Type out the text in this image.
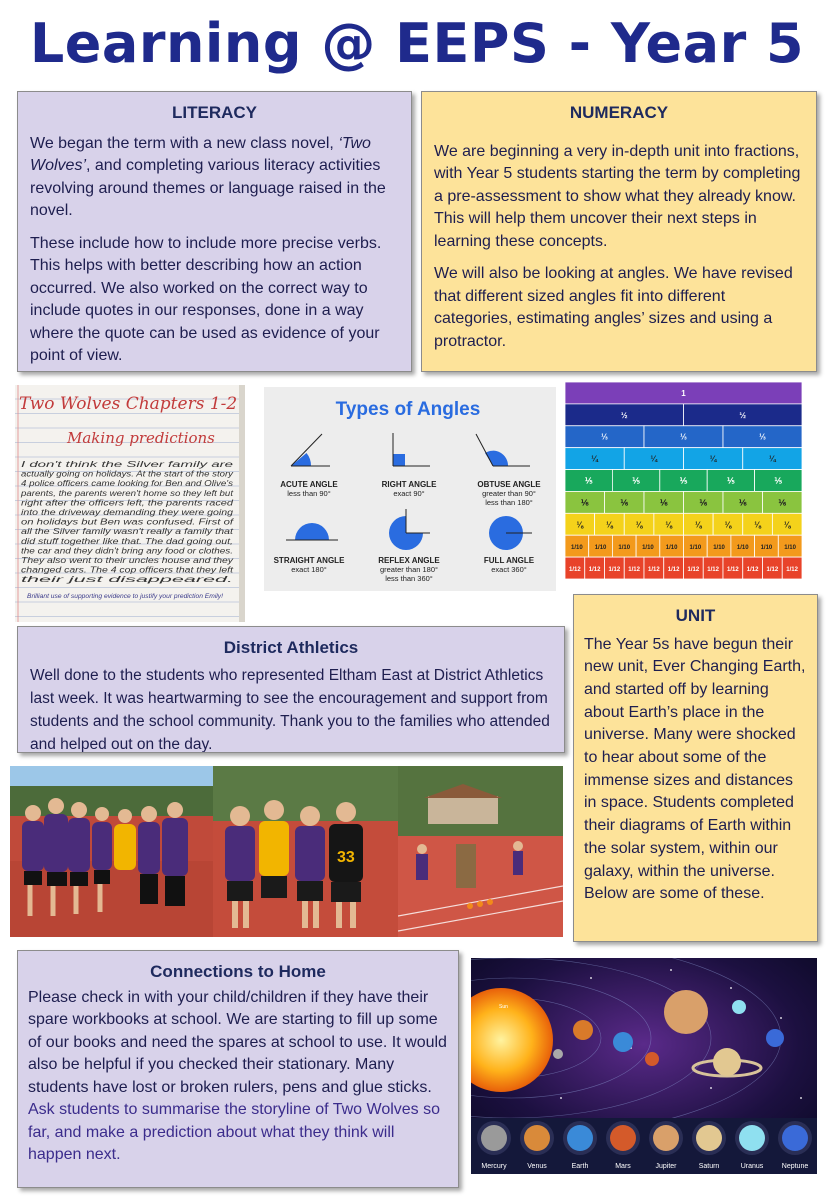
Learning @ EEPS - Year 5
LITERACY

We began the term with a new class novel, ‘Two Wolves’, and completing various literacy activities revolving around themes or language raised in the novel.

These include how to include more precise verbs. This helps with better describing how an action occurred. We also worked on the correct way to include quotes in our responses, done in a way where the quote can be used as evidence of your point of view.

NUMERACY

We are beginning a very in-depth unit into fractions, with Year 5 students starting the term by completing a pre-assessment to show what they already know. This will help them uncover their next steps in learning these concepts.

We will also be looking at angles. We have revised that different sized angles fit into different categories, estimating angles’ sizes and using a protractor.

Two Wolves Chapters 1-2
Making predictions
I don't think the Silver family are
actually going on holidays. At the start of the story
4 police officers came looking for Ben and Olive's
parents, the parents weren't home so they left but
right after the officers left, the parents raced
into the driveway demanding they were going
on holidays but Ben was confused. First of
all the Silver family wasn't really a family that
did stuff together like that. The dad going out,
the car and they didn't bring any food or clothes.
They also went to their uncles house and they
changed cars. The 4 cop officers that they left
their just disappeared.
Brilliant use of supporting evidence to justify your prediction Emily!
Types of Angles
ACUTE ANGLE
less than 90°
RIGHT ANGLE
exact 90°
OBTUSE ANGLE
greater than 90°
less than 180°
STRAIGHT ANGLE
exact 180°
REFLEX ANGLE
greater than 180°
less than 360°
FULL ANGLE
exact 360°
1
½	½
⅓	⅓	⅓
¼	¼	¼	¼
⅕	⅕	⅕	⅕	⅕
⅙	⅙	⅙	⅙	⅙	⅙
⅛	⅛	⅛	⅛	⅛	⅛	⅛	⅛
1/10 1/10 1/10 1/10 1/10 1/10 1/10 1/10 1/10 1/10
1/12 1/12 1/12 1/12 1/12 1/12 1/12 1/12 1/12 1/12 1/12 1/12
District Athletics

Well done to the students who represented Eltham East at District Athletics last week. It was heartwarming to see the encouragement and support from students and the school community. Thank you to the families who attended and helped out on the day.

33
UNIT

The Year 5s have begun their new unit, Ever Changing Earth, and started off by learning about Earth’s place in the universe. Many were shocked to hear about some of the immense sizes and distances in space. Students completed their diagrams of Earth within the solar system, within our galaxy, within the universe. Below are some of these.

Connections to Home

Please check in with your child/children if they have their spare workbooks at school. We are starting to fill up some of our books and need the spares at school to use. It would also be helpful if you checked their stationary. Many students have lost or broken rulers, pens and glue sticks.

Ask students to summarise the storyline of Two Wolves so far, and make a prediction about what they think will happen next.

Sun
Mercury	Venus	Earth	Mars	Jupiter	Saturn	Uranus	Neptune
